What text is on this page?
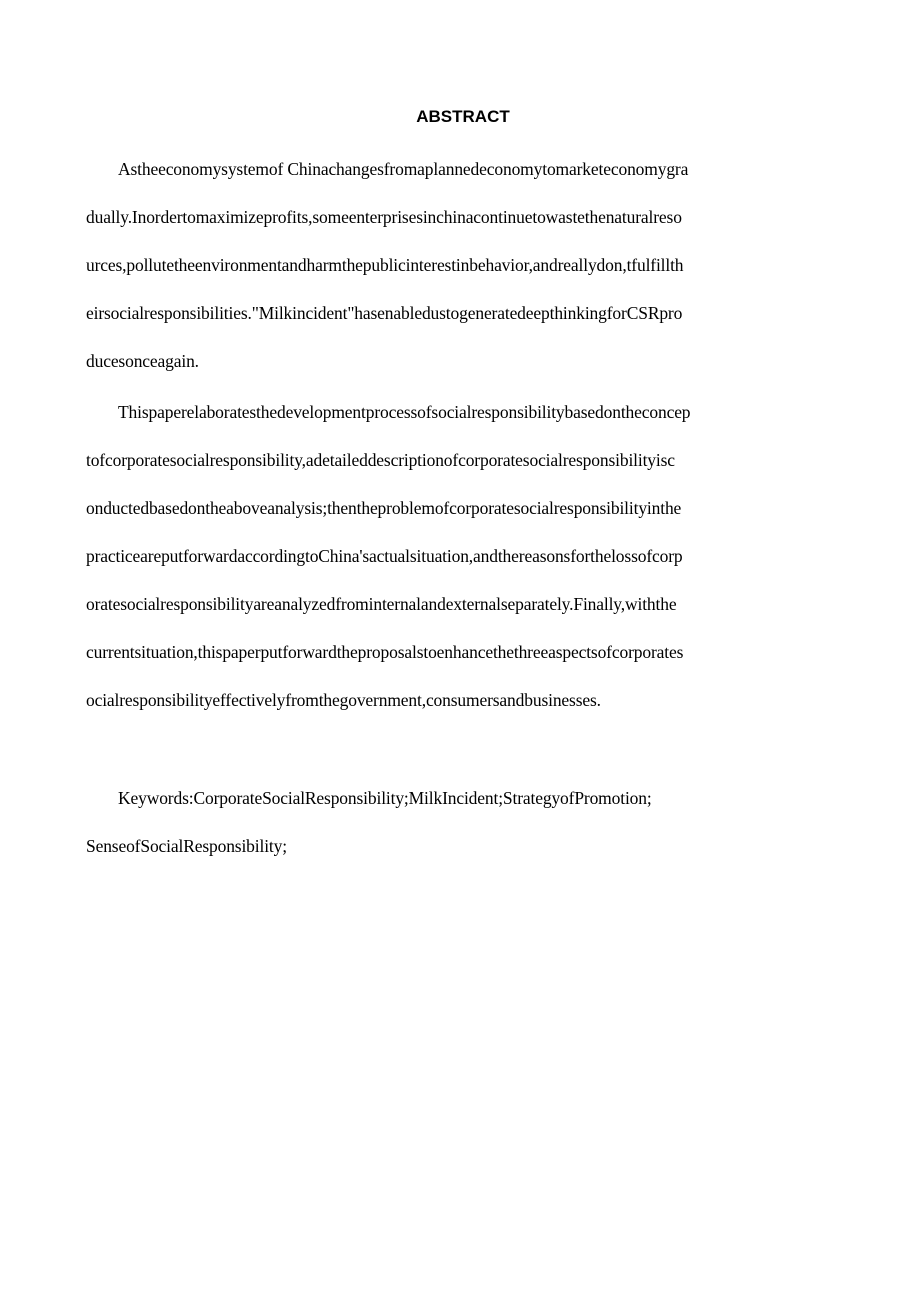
ABSTRACT
Astheeconomysystemof Chinachangesfromaplannedeconomytomarketeconomygra
dually.Inordertomaximizeprofits,someenterprisesinchinacontinuetowastethenaturalreso
urces,pollutetheenvironmentandharmthepublicinterestinbehavior,andreallydon,tfulfillth
eirsocialresponsibilities."Milkincident"hasenabledustogeneratedeepthinkingforCSRpro
ducesonceagain.
Thispaperelaboratesthedevelopmentprocessofsocialresponsibilitybasedontheconcep
tofcorporatesocialresponsibility,adetaileddescriptionofcorporatesocialresponsibilityisc
onductedbasedontheaboveanalysis;thentheproblemofcorporatesocialresponsibilityinthe
practiceareputforwardaccordingtoChina'sactualsituation,andthereasonsforthelossofcorp
oratesocialresponsibilityareanalyzedfrominternalandexternalseparately.Finally,withthe
currentsituation,thispaperputforwardtheproposalstoenhancethethreeaspectsofcorporates
ocialresponsibilityeffectivelyfromthegovernment,consumersandbusinesses.
Keywords:CorporateSocialResponsibility;MilkIncident;StrategyofPromotion;
SenseofSocialResponsibility;
